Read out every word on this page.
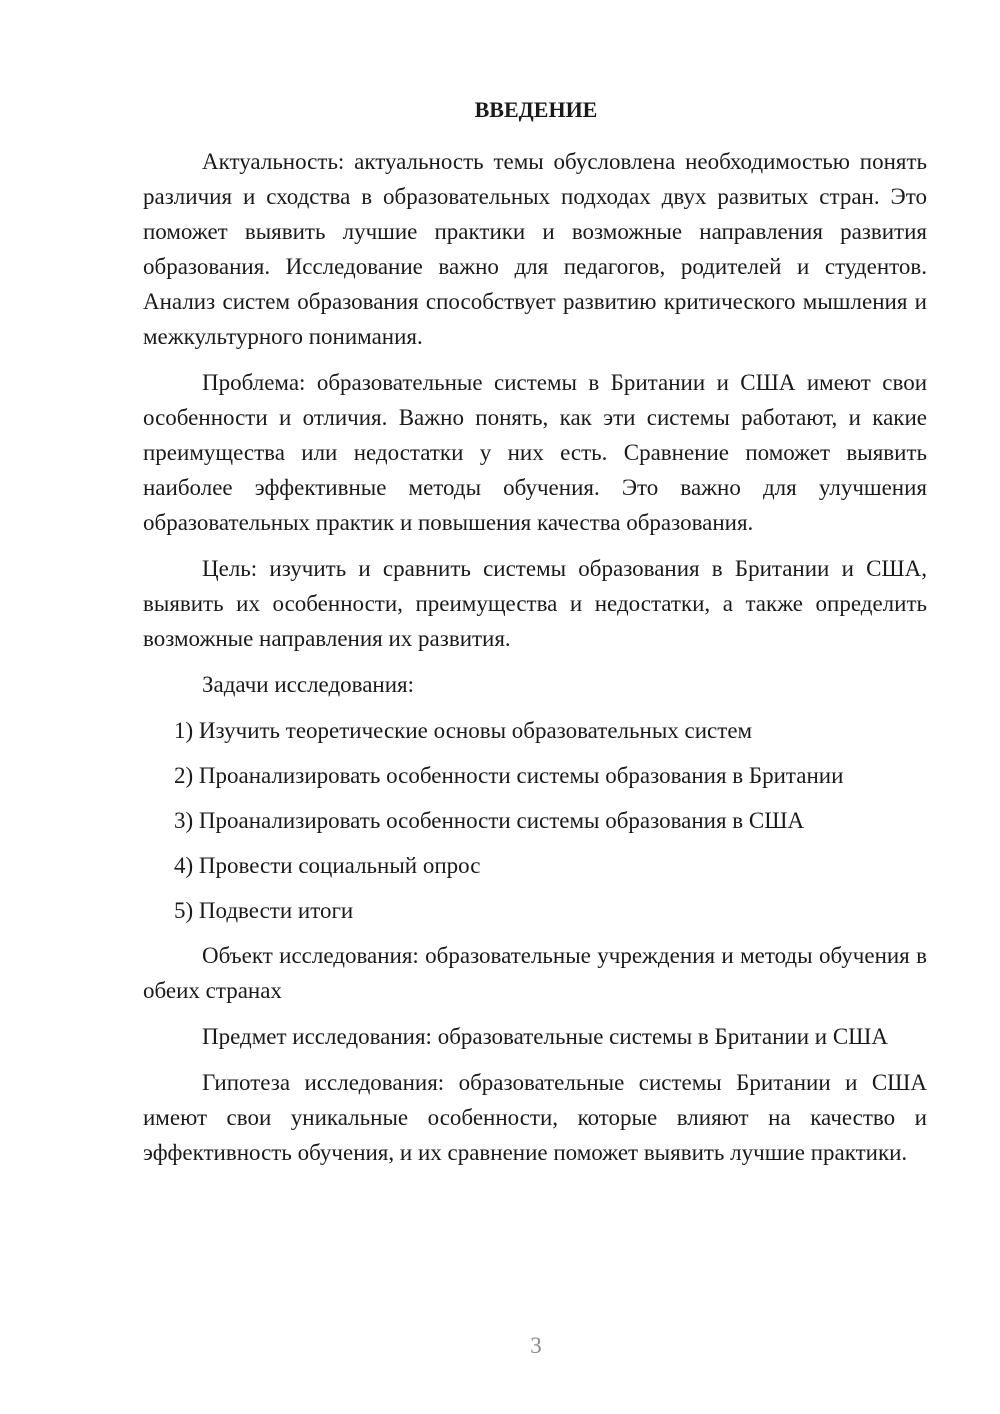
ВВЕДЕНИЕ

Актуальность: актуальность темы обусловлена необходимостью понять различия и сходства в образовательных подходах двух развитых стран. Это поможет выявить лучшие практики и возможные направления развития образования. Исследование важно для педагогов, родителей и студентов. Анализ систем образования способствует развитию критического мышления и межкультурного понимания.

Проблема: образовательные системы в Британии и США имеют свои особенности и отличия. Важно понять, как эти системы работают, и какие преимущества или недостатки у них есть. Сравнение поможет выявить наиболее эффективные методы обучения. Это важно для улучшения образовательных практик и повышения качества образования.

Цель: изучить и сравнить системы образования в Британии и США, выявить их особенности, преимущества и недостатки, а также определить возможные направления их развития.

Задачи исследования:

1) Изучить теоретические основы образовательных систем
2) Проанализировать особенности системы образования в Британии
3) Проанализировать особенности системы образования в США
4) Провести социальный опрос
5) Подвести итоги

Объект исследования: образовательные учреждения и методы обучения в обеих странах

Предмет исследования: образовательные системы в Британии и США

Гипотеза исследования: образовательные системы Британии и США имеют свои уникальные особенности, которые влияют на качество и эффективность обучения, и их сравнение поможет выявить лучшие практики.

3
